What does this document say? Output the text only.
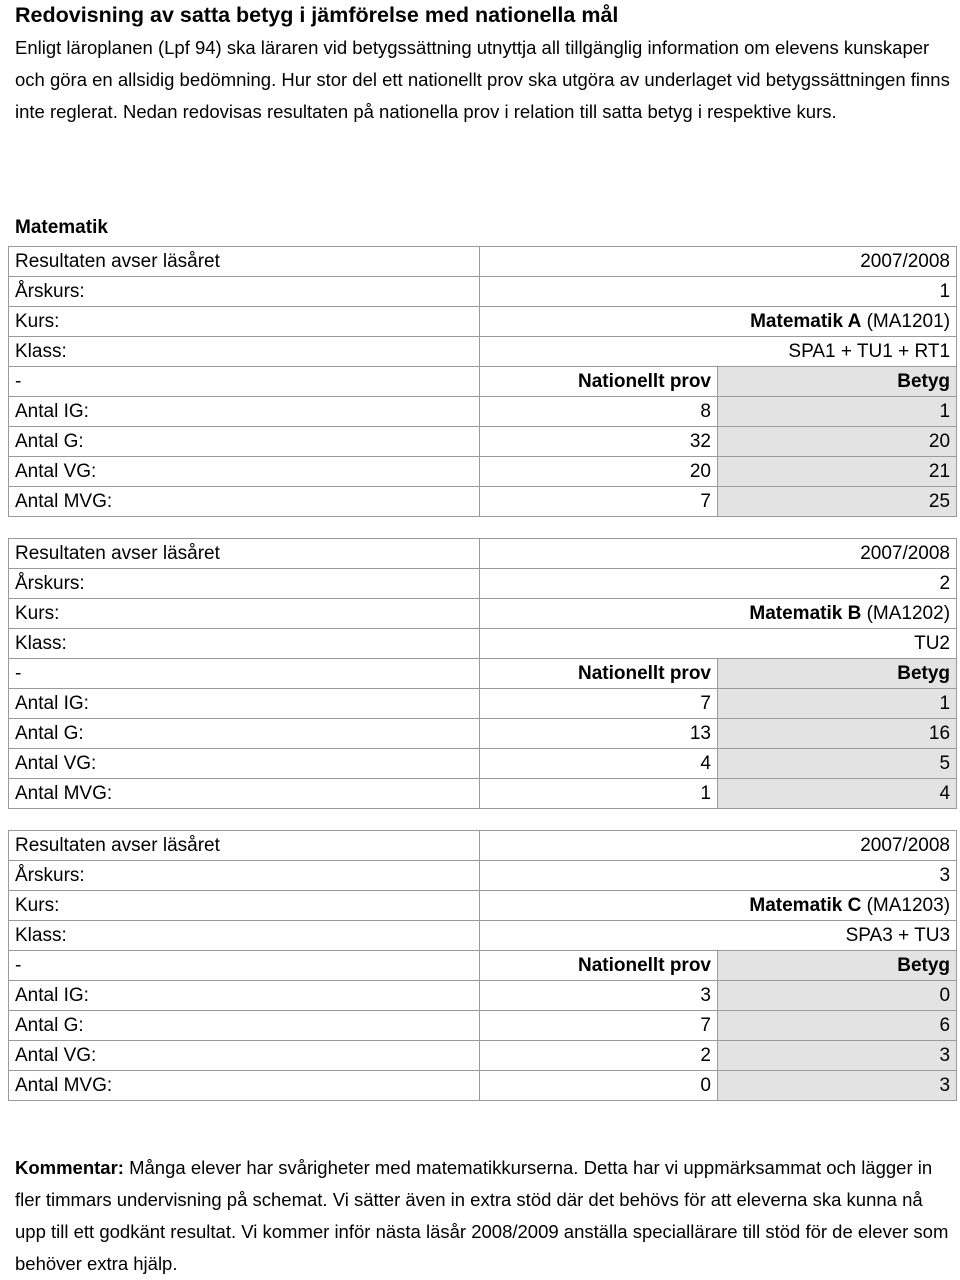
Redovisning av satta betyg i jämförelse med nationella mål

Enligt läroplanen (Lpf 94) ska läraren vid betygssättning utnyttja all tillgänglig information om elevens kunskaper och göra en allsidig bedömning. Hur stor del ett nationellt prov ska utgöra av underlaget vid betygssättningen finns inte reglerat. Nedan redovisas resultaten på nationella prov i relation till satta betyg i respektive kurs.

Matematik
Resultaten avser läsåret	2007/2008	
Årskurs:	1	
Kurs:	Matematik A (MA1201)	
Klass:	SPA1 + TU1 + RT1	
-	Nationellt prov	Betyg
Antal IG:	8	1
Antal G:	32	20
Antal VG:	20	21
Antal MVG:	7	25
Resultaten avser läsåret	2007/2008	
Årskurs:	2	
Kurs:	Matematik B (MA1202)	
Klass:	TU2	
-	Nationellt prov	Betyg
Antal IG:	7	1
Antal G:	13	16
Antal VG:	4	5
Antal MVG:	1	4
Resultaten avser läsåret	2007/2008	
Årskurs:	3	
Kurs:	Matematik C (MA1203)	
Klass:	SPA3 + TU3	
-	Nationellt prov	Betyg
Antal IG:	3	0
Antal G:	7	6
Antal VG:	2	3
Antal MVG:	0	3

Kommentar: Många elever har svårigheter med matematikkurserna. Detta har vi uppmärksammat och lägger in fler timmars undervisning på schemat. Vi sätter även in extra stöd där det behövs för att eleverna ska kunna nå upp till ett godkänt resultat. Vi kommer inför nästa läsår 2008/2009 anställa speciallärare till stöd för de elever som behöver extra hjälp.
